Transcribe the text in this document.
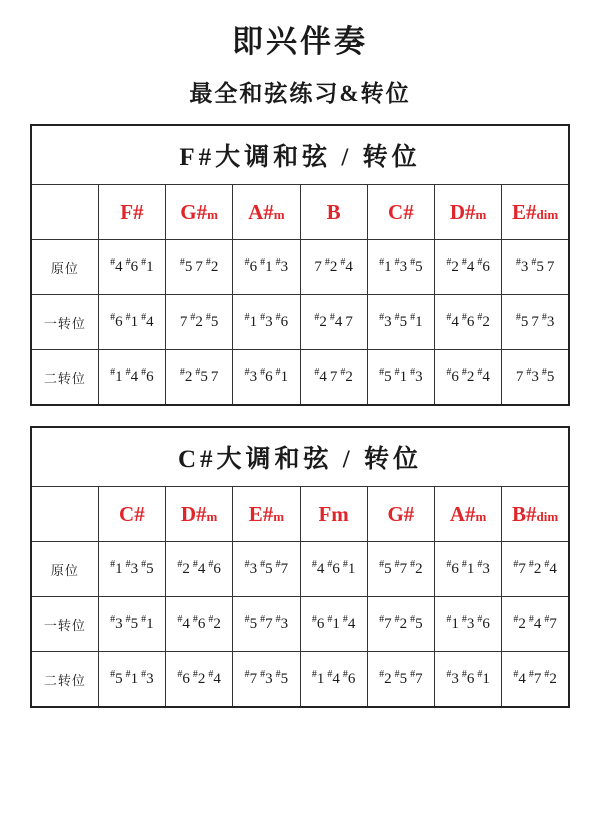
即兴伴奏
最全和弦练习&转位
F#大调和弦 / 转位							
	F#	G#m	A#m	B	C#	D#m	E#dim
原位	#4 #6 #1	#5 7 #2	#6 #1 #3	7 #2 #4	#1 #3 #5	#2 #4 #6	#3 #5 7
一转位	#6 #1 #4	7 #2 #5	#1 #3 #6	#2 #4 7	#3 #5 #1	#4 #6 #2	#5 7 #3
二转位	#1 #4 #6	#2 #5 7	#3 #6 #1	#4 7 #2	#5 #1 #3	#6 #2 #4	7 #3 #5
C#大调和弦 / 转位							
	C#	D#m	E#m	Fm	G#	A#m	B#dim
原位	#1 #3 #5	#2 #4 #6	#3 #5 #7	#4 #6 #1	#5 #7 #2	#6 #1 #3	#7 #2 #4
一转位	#3 #5 #1	#4 #6 #2	#5 #7 #3	#6 #1 #4	#7 #2 #5	#1 #3 #6	#2 #4 #7
二转位	#5 #1 #3	#6 #2 #4	#7 #3 #5	#1 #4 #6	#2 #5 #7	#3 #6 #1	#4 #7 #2
